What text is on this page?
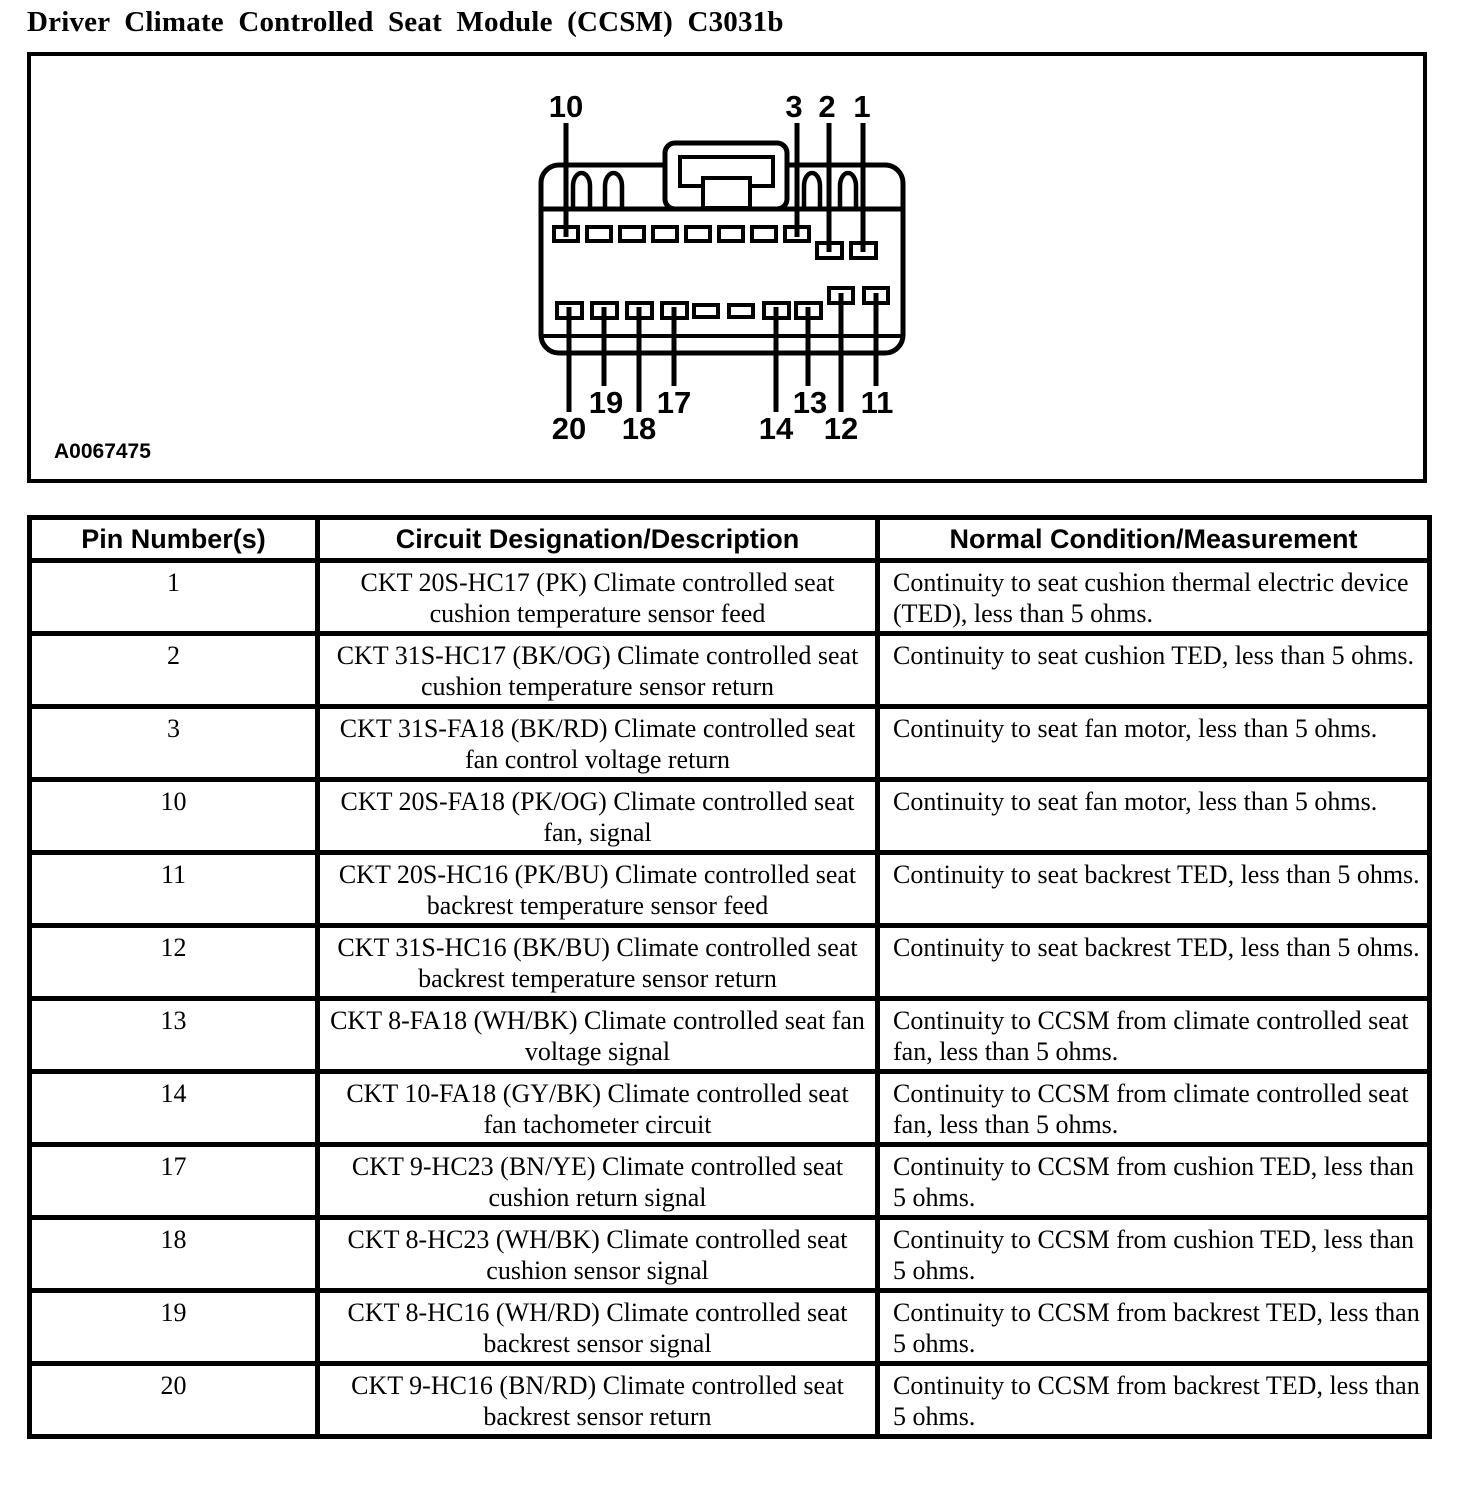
Driver Climate Controlled Seat Module (CCSM) C3031b
10	3 2 1
19 17	13 11
20 18	14 12
A0067475
Pin Number(s)	Circuit Designation/Description	Normal Condition/Measurement
1	CKT 20S-HC17 (PK) Climate controlled seat cushion temperature sensor feed	Continuity to seat cushion thermal electric device (TED), less than 5 ohms.
2	CKT 31S-HC17 (BK/OG) Climate controlled seat cushion temperature sensor return	Continuity to seat cushion TED, less than 5 ohms.
3	CKT 31S-FA18 (BK/RD) Climate controlled seat fan control voltage return	Continuity to seat fan motor, less than 5 ohms.
10	CKT 20S-FA18 (PK/OG) Climate controlled seat fan, signal	Continuity to seat fan motor, less than 5 ohms.
11	CKT 20S-HC16 (PK/BU) Climate controlled seat backrest temperature sensor feed	Continuity to seat backrest TED, less than 5 ohms.
12	CKT 31S-HC16 (BK/BU) Climate controlled seat backrest temperature sensor return	Continuity to seat backrest TED, less than 5 ohms.
13	CKT 8-FA18 (WH/BK) Climate controlled seat fan voltage signal	Continuity to CCSM from climate controlled seat fan, less than 5 ohms.
14	CKT 10-FA18 (GY/BK) Climate controlled seat fan tachometer circuit	Continuity to CCSM from climate controlled seat fan, less than 5 ohms.
17	CKT 9-HC23 (BN/YE) Climate controlled seat cushion return signal	Continuity to CCSM from cushion TED, less than 5 ohms.
18	CKT 8-HC23 (WH/BK) Climate controlled seat cushion sensor signal	Continuity to CCSM from cushion TED, less than 5 ohms.
19	CKT 8-HC16 (WH/RD) Climate controlled seat backrest sensor signal	Continuity to CCSM from backrest TED, less than 5 ohms.
20	CKT 9-HC16 (BN/RD) Climate controlled seat backrest sensor return	Continuity to CCSM from backrest TED, less than 5 ohms.
